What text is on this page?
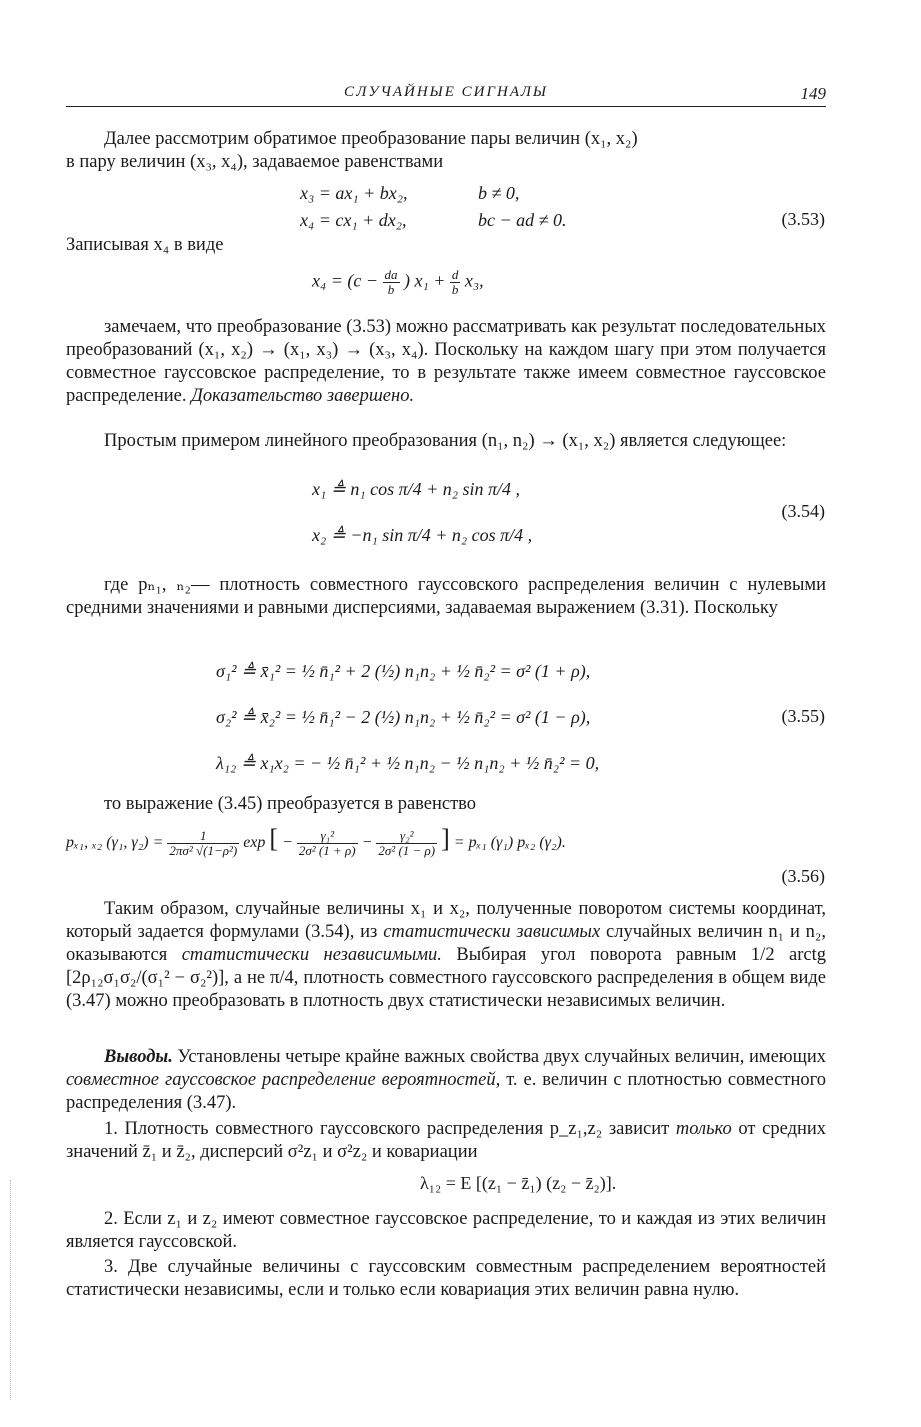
СЛУЧАЙНЫЕ СИГНАЛЫ	149
Далее рассмотрим обратимое преобразование пары величин (x₁, x₂)
в пару величин (x₃, x₄), задаваемое равенствами
x₃ = ax₁ + bx₂,	b ≠ 0,
x₄ = cx₁ + dx₂,	bc − ad ≠ 0.	(3.53)
Записывая x₄ в виде
$x_4 = (c - \frac{da}{b}$ ) $x_1 + \frac{d}{b} x_3$,
замечаем, что преобразование (3.53) можно рассматривать как результат последовательных преобразований (x₁, x₂) → (x₁, x₃) → (x₃, x₄). Поскольку на каждом шагу при этом получается совместное гауссовское распределение, то в результате также имеем совместное гауссовское распределение. Доказательство завершено.
Простым примером линейного преобразования (n₁, n₂) → (x₁, x₂) является следующее:
x₁ ≜ n₁ cos π/4 + n₂ sin π/4 ,
x₂ ≜ −n₁ sin π/4 + n₂ cos π/4 ,
(3.54)
где pₙ₁, ₙ₂— плотность совместного гауссовского распределения величин с нулевыми средними значениями и равными дисперсиями, задаваемая выражением (3.31). Поскольку
σ₁² ≜ x̄₁² = ½ n̄₁² + 2 (½) n₁n₂ + ½ n̄₂² = σ² (1 + ρ),
σ₂² ≜ x̄₂² = ½ n̄₁² − 2 (½) n₁n₂ + ½ n̄₂² = σ² (1 − ρ),
λ₁₂ ≜ x₁x₂ = − ½ n̄₁² + ½ n₁n₂ − ½ n₁n₂ + ½ n̄₂² = 0,
(3.55)
то выражение (3.45) преобразуется в равенство
pₓ₁, ₓ₂ (γ₁, $\gamma_2) = \frac{1}{\text{2πσ² √(1−ρ²)}}$ exp [ − $\frac{\text{γ₁²}}{\text{2σ² (1 + ρ)}} - \frac{\text{γ₂²}}{\text{2σ² (1 − ρ)}}$ ] = pₓ₁ (γ₁) pₓ₂ (γ₂).
(3.56)
Таким образом, случайные величины x₁ и x₂, полученные поворотом системы координат, который задается формулами (3.54), из статистически зависимых случайных величин n₁ и n₂, оказываются статистически независимыми. Выбирая угол поворота равным 1/2 arctg [2ρ₁₂σ₁σ₂/(σ₁² − σ₂²)], а не π/4, плотность совместного гауссовского распределения в общем виде (3.47) можно преобразовать в плотность двух статистически независимых величин.
Выводы. Установлены четыре крайне важных свойства двух случайных величин, имеющих совместное гауссовское распределение вероятностей, т. е. величин с плотностью совместного распределения (3.47).
1. Плотность совместного гауссовского распределения p_z₁,z₂ зависит только от средних значений z̄₁ и z̄₂, дисперсий σ²z₁ и σ²z₂ и ковариации
λ₁₂ = E [(z₁ − z̄₁) (z₂ − z̄₂)].
2. Если z₁ и z₂ имеют совместное гауссовское распределение, то и каждая из этих величин является гауссовской.
3. Две случайные величины с гауссовским совместным распределением вероятностей статистически независимы, если и только если ковариация этих величин равна нулю.
